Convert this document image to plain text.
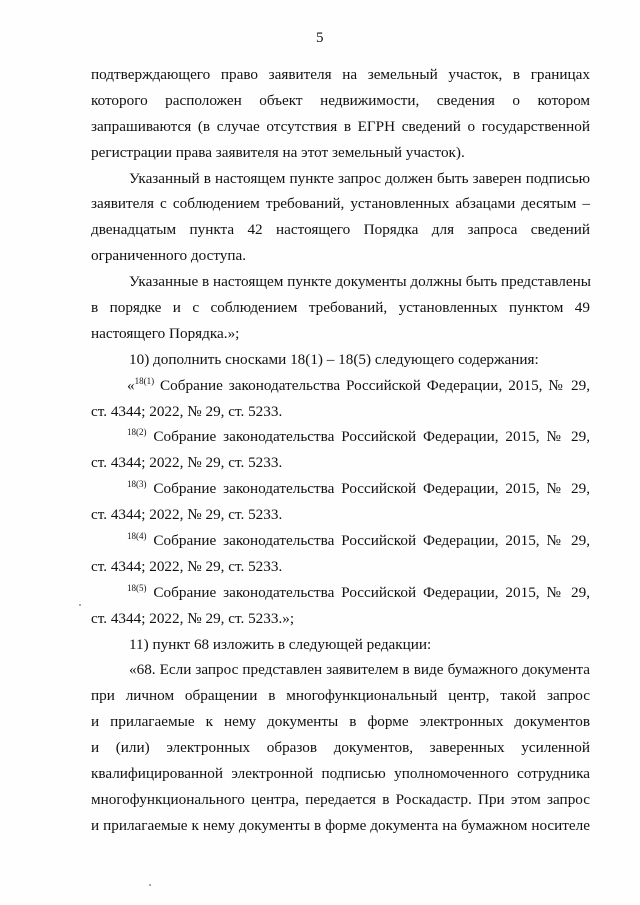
5
подтверждающего право заявителя на земельный участок, в границах
которого расположен объект недвижимости, сведения о котором
запрашиваются (в случае отсутствия в ЕГРН сведений о государственной
регистрации права заявителя на этот земельный участок).
Указанный в настоящем пункте запрос должен быть заверен подписью
заявителя с соблюдением требований, установленных абзацами десятым –
двенадцатым пункта 42 настоящего Порядка для запроса сведений
ограниченного доступа.
Указанные в настоящем пункте документы должны быть представлены
в порядке и с соблюдением требований, установленных пунктом 49
настоящего Порядка.»;
10) дополнить сносками 18(1) – 18(5) следующего содержания:
«$^{18(1)}$ Собрание законодательства Российской Федерации, 2015, № 29,
ст. 4344; 2022, № 29, ст. 5233.
$^{18(2)}$ Собрание законодательства Российской Федерации, 2015, № 29,
ст. 4344; 2022, № 29, ст. 5233.
$^{18(3)}$ Собрание законодательства Российской Федерации, 2015, № 29,
ст. 4344; 2022, № 29, ст. 5233.
$^{18(4)}$ Собрание законодательства Российской Федерации, 2015, № 29,
ст. 4344; 2022, № 29, ст. 5233.
$^{18(5)}$ Собрание законодательства Российской Федерации, 2015, № 29,
ст. 4344; 2022, № 29, ст. 5233.»;
11) пункт 68 изложить в следующей редакции:
«68. Если запрос представлен заявителем в виде бумажного документа
при личном обращении в многофункциональный центр, такой запрос
и прилагаемые к нему документы в форме электронных документов
и (или) электронных образов документов, заверенных усиленной
квалифицированной электронной подписью уполномоченного сотрудника
многофункционального центра, передается в Роскадастр. При этом запрос
и прилагаемые к нему документы в форме документа на бумажном носителе
